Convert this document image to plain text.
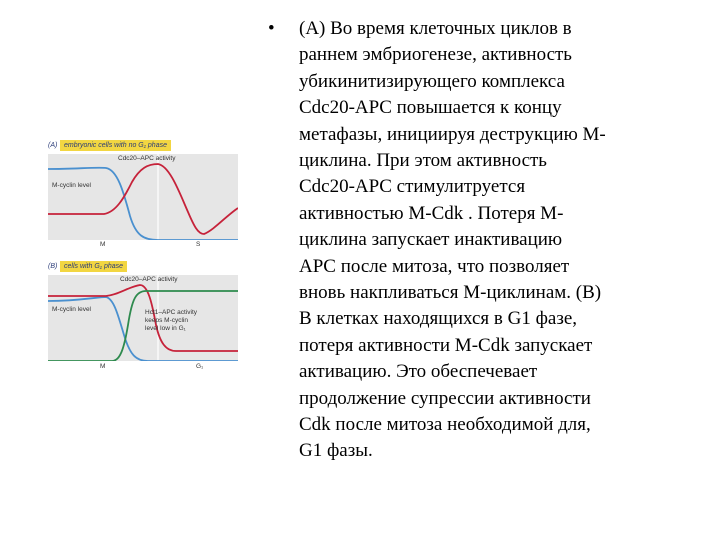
(A) embryonic cells with no G₁ phase
Cdc20–APC activity
M-cyclin level
M	S
(B) cells with G₁ phase
Cdc20–APC activity
M-cyclin level	Hct1–APC activity
keeps M-cyclin
level low in G₁
M	G₁
• (A) Во время клеточных циклов в
раннем эмбриогенезе, активность
убикинитизирующего комплекса
Cdc20-APC повышается к концу
метафазы, инициируя деструкцию М-
циклина. При этом активность
Cdc20-APC стимулитруется
активностью M-Cdk . Потеря М-
циклина запускает инактивацию
APC после митоза, что позволяет
вновь накпливаться М-циклинам. (В)
В клетках находящихся в G1 фазе,
потеря активности М-Cdk запускает
активацию. Это обеспечевает
продолжение супрессии активности
Cdk после митоза необходимой для,
G1 фазы.
